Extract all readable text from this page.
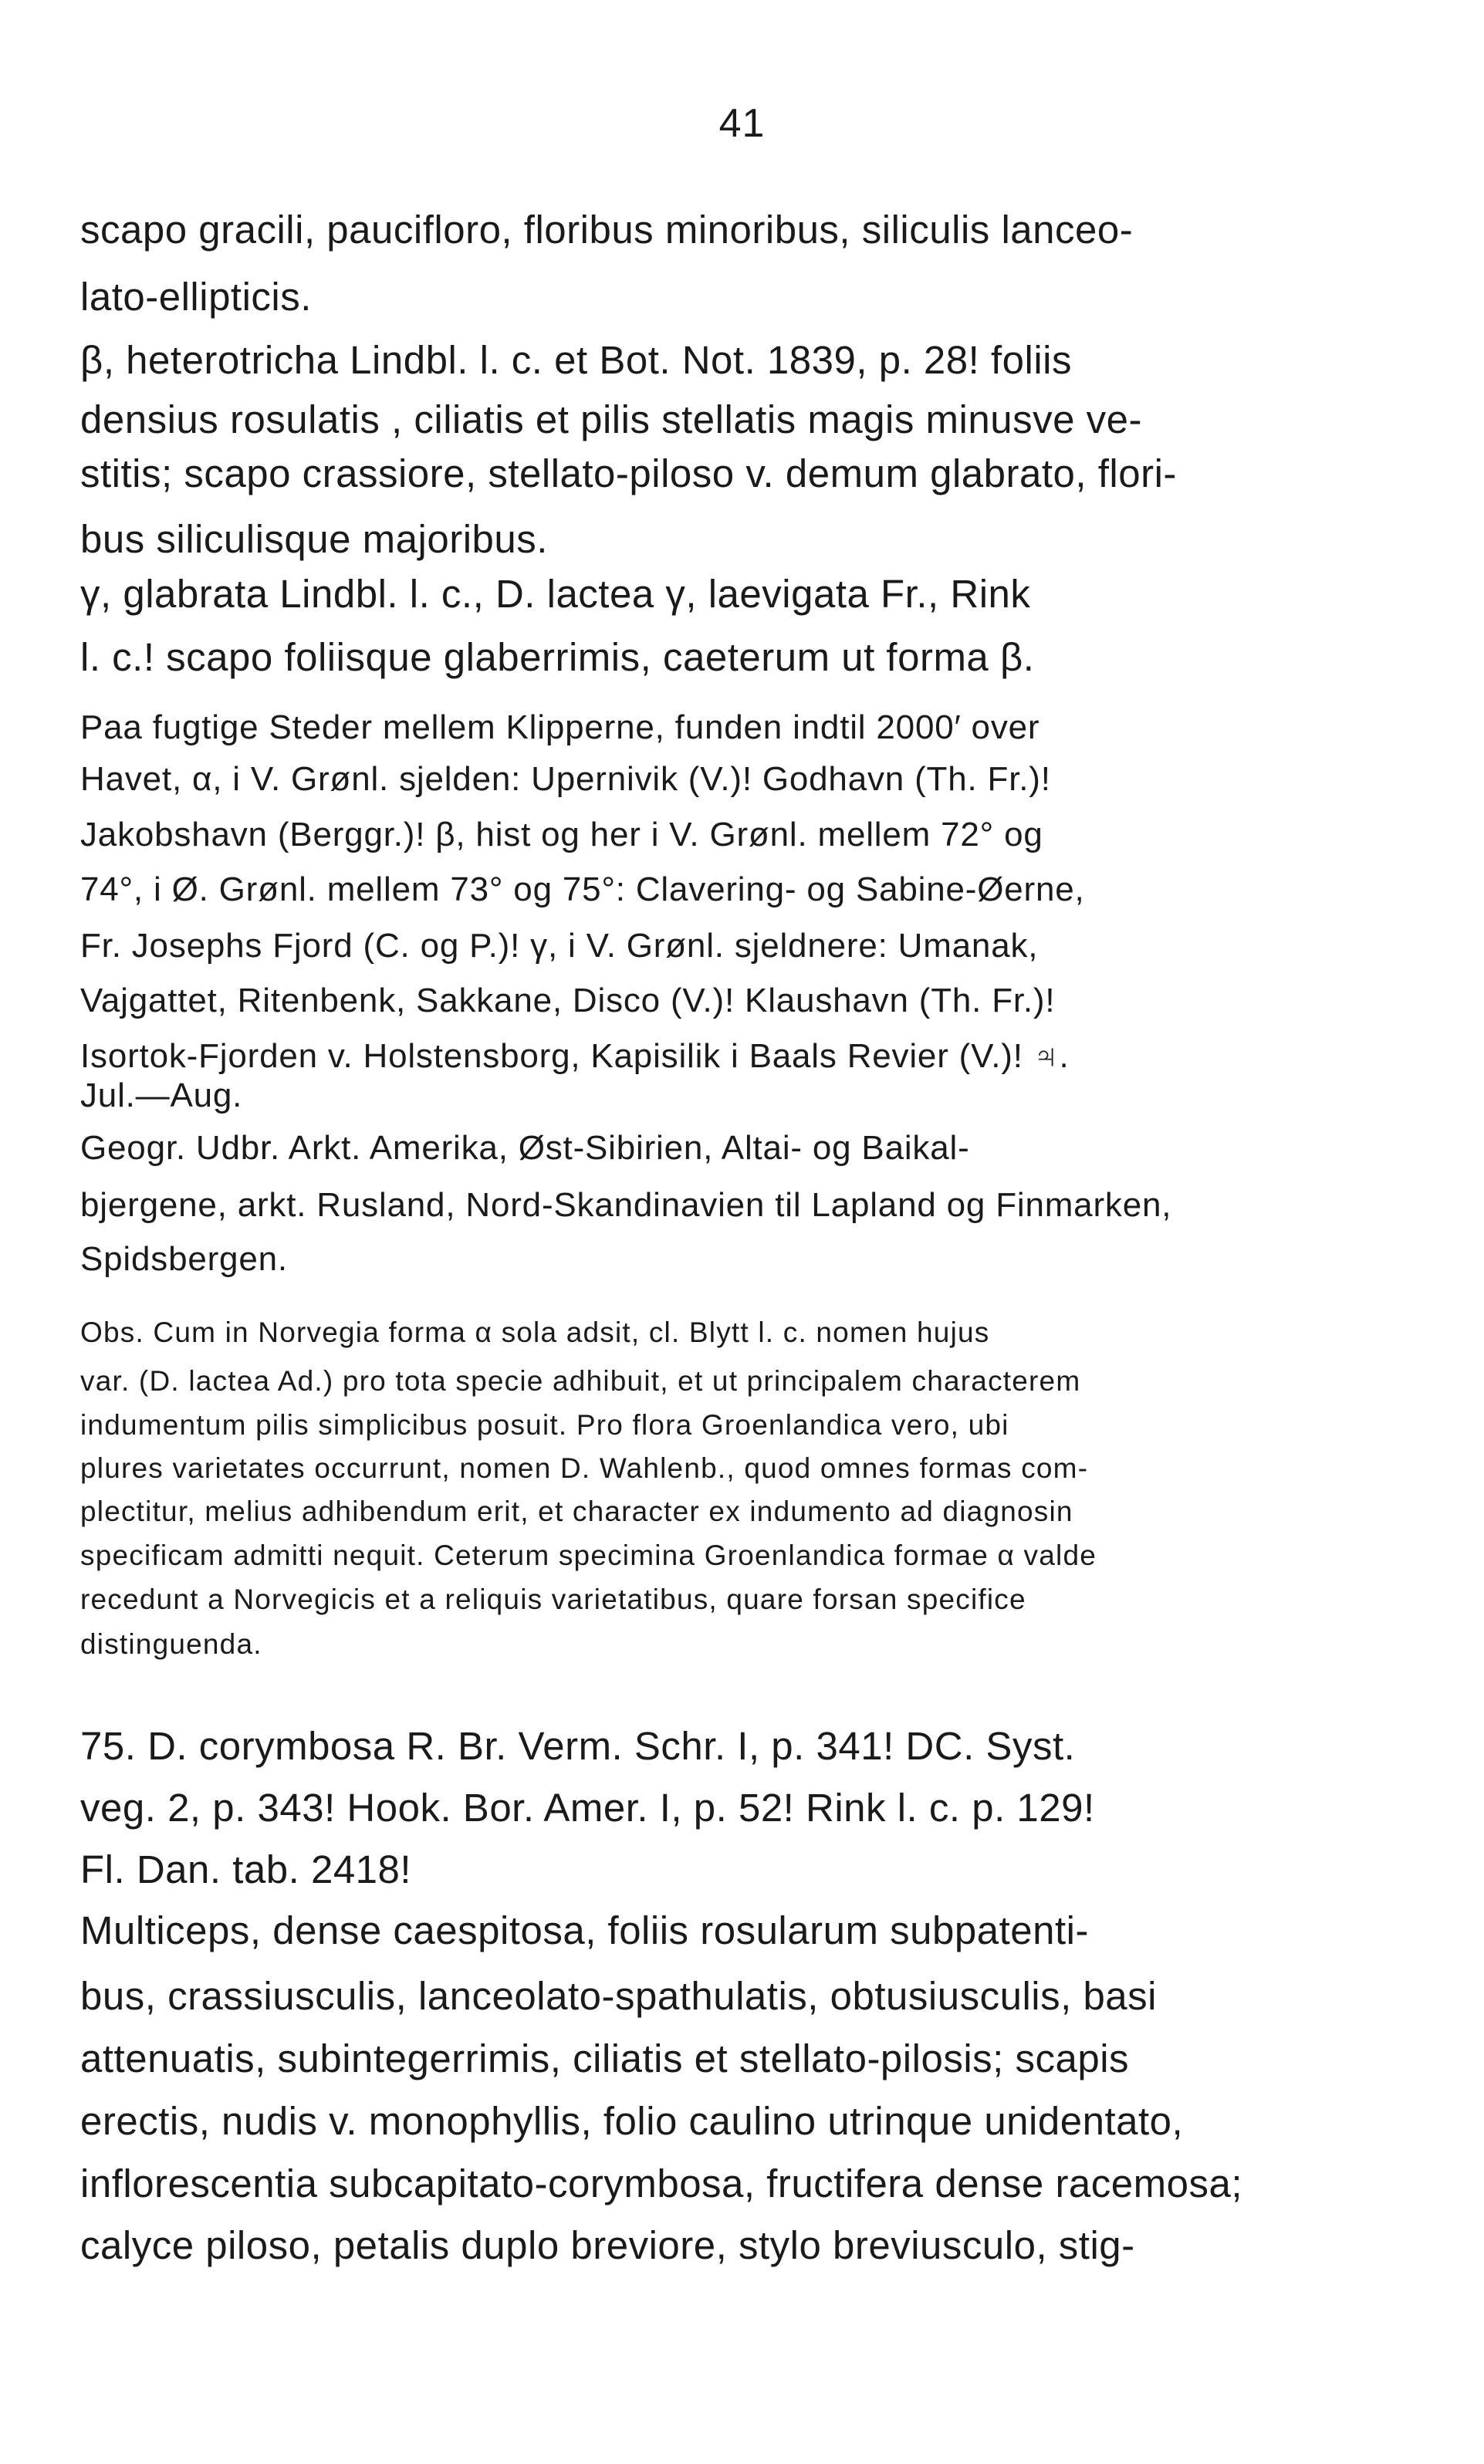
41
scapo gracili, paucifloro, floribus minoribus, siliculis lanceo-
lato-ellipticis.
β, heterotricha Lindbl. l. c. et Bot. Not. 1839, p. 28! foliis
densius rosulatis , ciliatis et pilis stellatis magis minusve ve-
stitis; scapo crassiore, stellato-piloso v. demum glabrato, flori-
bus siliculisque majoribus.
γ, glabrata Lindbl. l. c., D. lactea γ, laevigata Fr., Rink
l. c.! scapo foliisque glaberrimis, caeterum ut forma β.
Paa fugtige Steder mellem Klipperne, funden indtil 2000′ over
Havet, α, i V. Grønl. sjelden: Upernivik (V.)! Godhavn (Th. Fr.)!
Jakobshavn (Berggr.)! β, hist og her i V. Grønl. mellem 72° og
74°, i Ø. Grønl. mellem 73° og 75°: Clavering- og Sabine-Øerne,
Fr. Josephs Fjord (C. og P.)! γ, i V. Grønl. sjeldnere: Umanak,
Vajgattet, Ritenbenk, Sakkane, Disco (V.)! Klaushavn (Th. Fr.)!
Isortok-Fjorden v. Holstensborg, Kapisilik i Baals Revier (V.)! ♃.
Jul.—Aug.
Geogr. Udbr. Arkt. Amerika, Øst-Sibirien, Altai- og Baikal-
bjergene, arkt. Rusland, Nord-Skandinavien til Lapland og Finmarken,
Spidsbergen.
Obs. Cum in Norvegia forma α sola adsit, cl. Blytt l. c. nomen hujus
var. (D. lactea Ad.) pro tota specie adhibuit, et ut principalem characterem
indumentum pilis simplicibus posuit. Pro flora Groenlandica vero, ubi
plures varietates occurrunt, nomen D. Wahlenb., quod omnes formas com-
plectitur, melius adhibendum erit, et character ex indumento ad diagnosin
specificam admitti nequit. Ceterum specimina Groenlandica formae α valde
recedunt a Norvegicis et a reliquis varietatibus, quare forsan specifice
distinguenda.
75. D. corymbosa R. Br. Verm. Schr. I, p. 341! DC. Syst.
veg. 2, p. 343! Hook. Bor. Amer. I, p. 52! Rink l. c. p. 129!
Fl. Dan. tab. 2418!
Multiceps, dense caespitosa, foliis rosularum subpatenti-
bus, crassiusculis, lanceolato-spathulatis, obtusiusculis, basi
attenuatis, subintegerrimis, ciliatis et stellato-pilosis; scapis
erectis, nudis v. monophyllis, folio caulino utrinque unidentato,
inflorescentia subcapitato-corymbosa, fructifera dense racemosa;
calyce piloso, petalis duplo breviore, stylo breviusculo, stig-
